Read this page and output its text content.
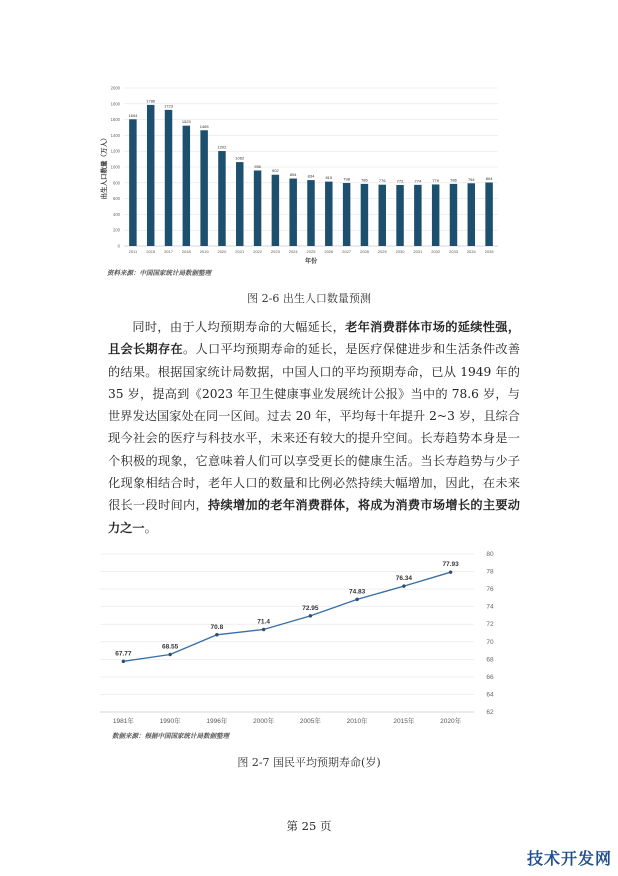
0
200
400
600
800
1000
1200
1400
1600
1800
2000
1604
2011
1786
2015
1723
2017
1523
2018
1465
2019
1202
2020
1062
2021
956
2022
902
2023
854
2024
834
2025
815
2026
798
2027
786
2028
776
2029
772
2030
774
2031
779
2032
786
2033
794
2034
804
2035
年份
出生人口数量（万人）
资料来源：中国国家统计局数据整理
图 2-6 出生人口数量预测

同时，由于人均预期寿命的大幅延长，老年消费群体市场的延续性强，且会长期存在。人口平均预期寿命的延长，是医疗保健进步和生活条件改善的结果。根据国家统计局数据，中国人口的平均预期寿命，已从 1949 年的 35 岁，提高到《2023 年卫生健康事业发展统计公报》当中的 78.6 岁，与世界发达国家处在同一区间。过去 20 年，平均每十年提升 2~3 岁，且综合现今社会的医疗与科技水平，未来还有较大的提升空间。长寿趋势本身是一个积极的现象，它意味着人们可以享受更长的健康生活。当长寿趋势与少子化现象相结合时，老年人口的数量和比例必然持续大幅增加，因此，在未来很长一段时间内，持续增加的老年消费群体，将成为消费市场增长的主要动力之一。

62
64
66
68
70
72
74
76
78
80
67.77
1981年
68.55
1990年
70.8
1996年
71.4
2000年
72.95
2005年
74.83
2010年
76.34
2015年
77.93
2020年
数据来源：根据中国国家统计局数据整理
图 2-7 国民平均预期寿命(岁)
第 25 页
技术开发网
